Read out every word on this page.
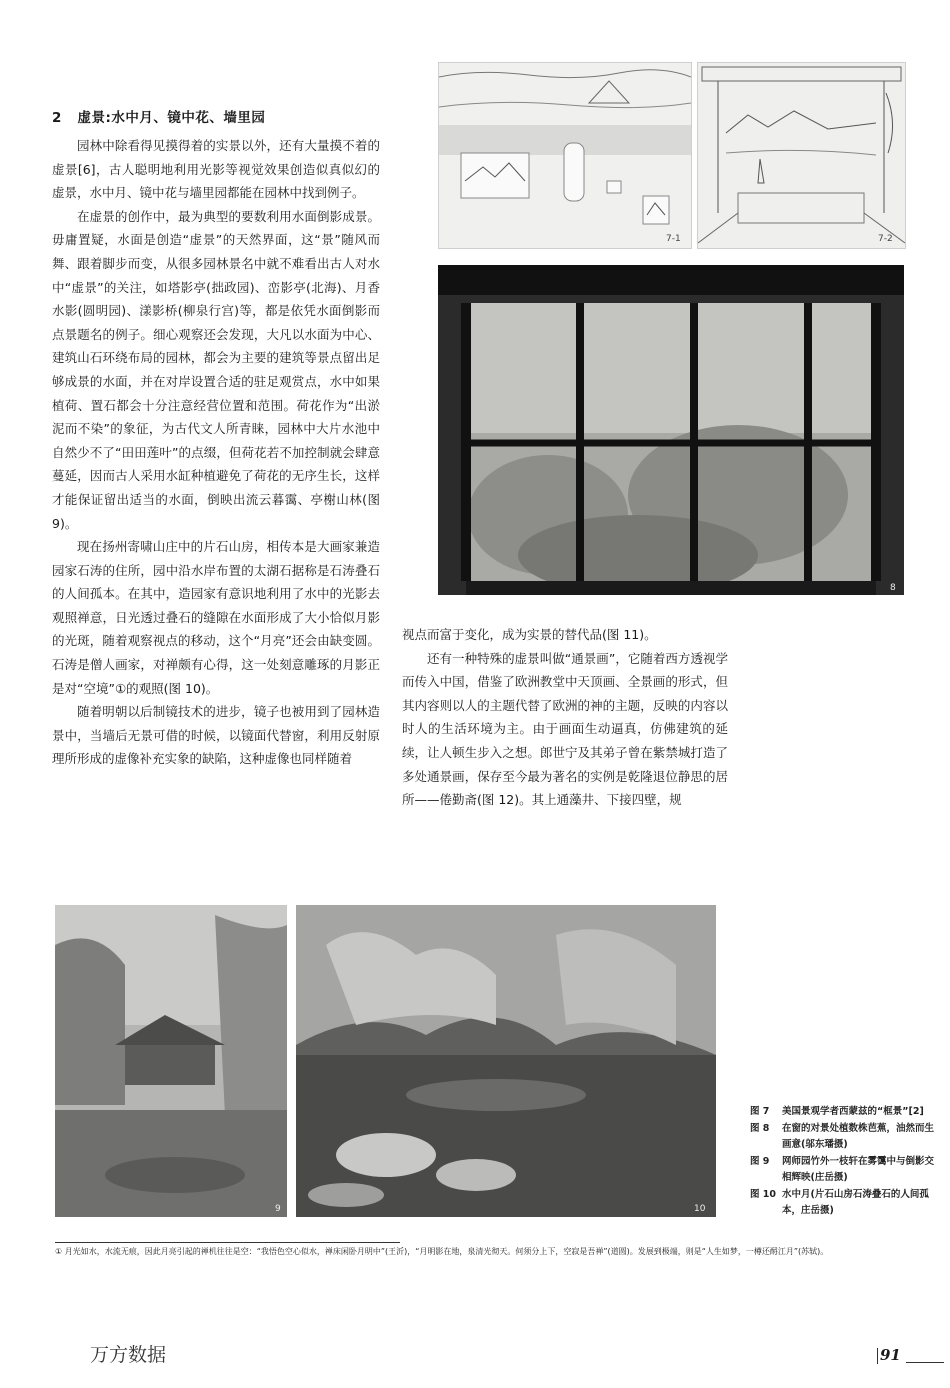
2 虚景:水中月、镜中花、墙里园

园林中除看得见摸得着的实景以外，还有大量摸不着的虚景[6]，古人聪明地利用光影等视觉效果创造似真似幻的虚景，水中月、镜中花与墙里园都能在园林中找到例子。

在虚景的创作中，最为典型的要数利用水面倒影成景。毋庸置疑，水面是创造“虚景”的天然界面，这“景”随风而舞、跟着脚步而变，从很多园林景名中就不难看出古人对水中“虚景”的关注，如塔影亭(拙政园)、峦影亭(北海)、月香水影(圆明园)、漾影桥(柳泉行宫)等，都是依凭水面倒影而点景题名的例子。细心观察还会发现，大凡以水面为中心、建筑山石环绕布局的园林，都会为主要的建筑等景点留出足够成景的水面，并在对岸设置合适的驻足观赏点，水中如果植荷、置石都会十分注意经营位置和范围。荷花作为“出淤泥而不染”的象征，为古代文人所青睐，园林中大片水池中自然少不了“田田莲叶”的点缀，但荷花若不加控制就会肆意蔓延，因而古人采用水缸种植避免了荷花的无序生长，这样才能保证留出适当的水面，倒映出流云暮霭、亭榭山林(图 9)。

现在扬州寄啸山庄中的片石山房，相传本是大画家兼造园家石涛的住所，园中沿水岸布置的太湖石据称是石涛叠石的人间孤本。在其中，造园家有意识地利用了水中的光影去观照禅意，日光透过叠石的缝隙在水面形成了大小恰似月影的光斑，随着观察视点的移动，这个“月亮”还会由缺变圆。石涛是僧人画家，对禅颇有心得，这一处刻意雕琢的月影正是对“空境”①的观照(图 10)。

随着明朝以后制镜技术的进步，镜子也被用到了园林造景中，当墙后无景可借的时候，以镜面代替窗，利用反射原理所形成的虚像补充实象的缺陷，这种虚像也同样随着

视点而富于变化，成为实景的替代品(图 11)。

还有一种特殊的虚景叫做“通景画”，它随着西方透视学而传入中国，借鉴了欧洲教堂中天顶画、全景画的形式，但其内容则以人的主题代替了欧洲的神的主题，反映的内容以时人的生活环境为主。由于画面生动逼真，仿佛建筑的延续，让人顿生步入之想。郎世宁及其弟子曾在紫禁城打造了多处通景画，保存至今最为著名的实例是乾隆退位静思的居所——倦勤斋(图 12)。其上通藻井、下接四壁，规

7-1	7-2
8
9	10
图 7	美国景观学者西蒙兹的“框景”[2]
图 8	在窗的对景处植数株芭蕉，油然而生画意(邬东璠摄)
图 9	网师园竹外一枝轩在雾霭中与倒影交相辉映(庄岳摄)
图 10 水中月(片石山房石涛叠石的人间孤本，庄岳摄)
① 月光如水，水流无痕，因此月亮引起的禅机往往是空：“我悟色空心似水，禅床闲卧月明中”(王沂)，“月明影在地，泉清光彻天。何须分上下，空寂是吾禅”(道圆)。发展到极端，则是“人生如梦，一樽还酹江月”(苏轼)。
万方数据	91
